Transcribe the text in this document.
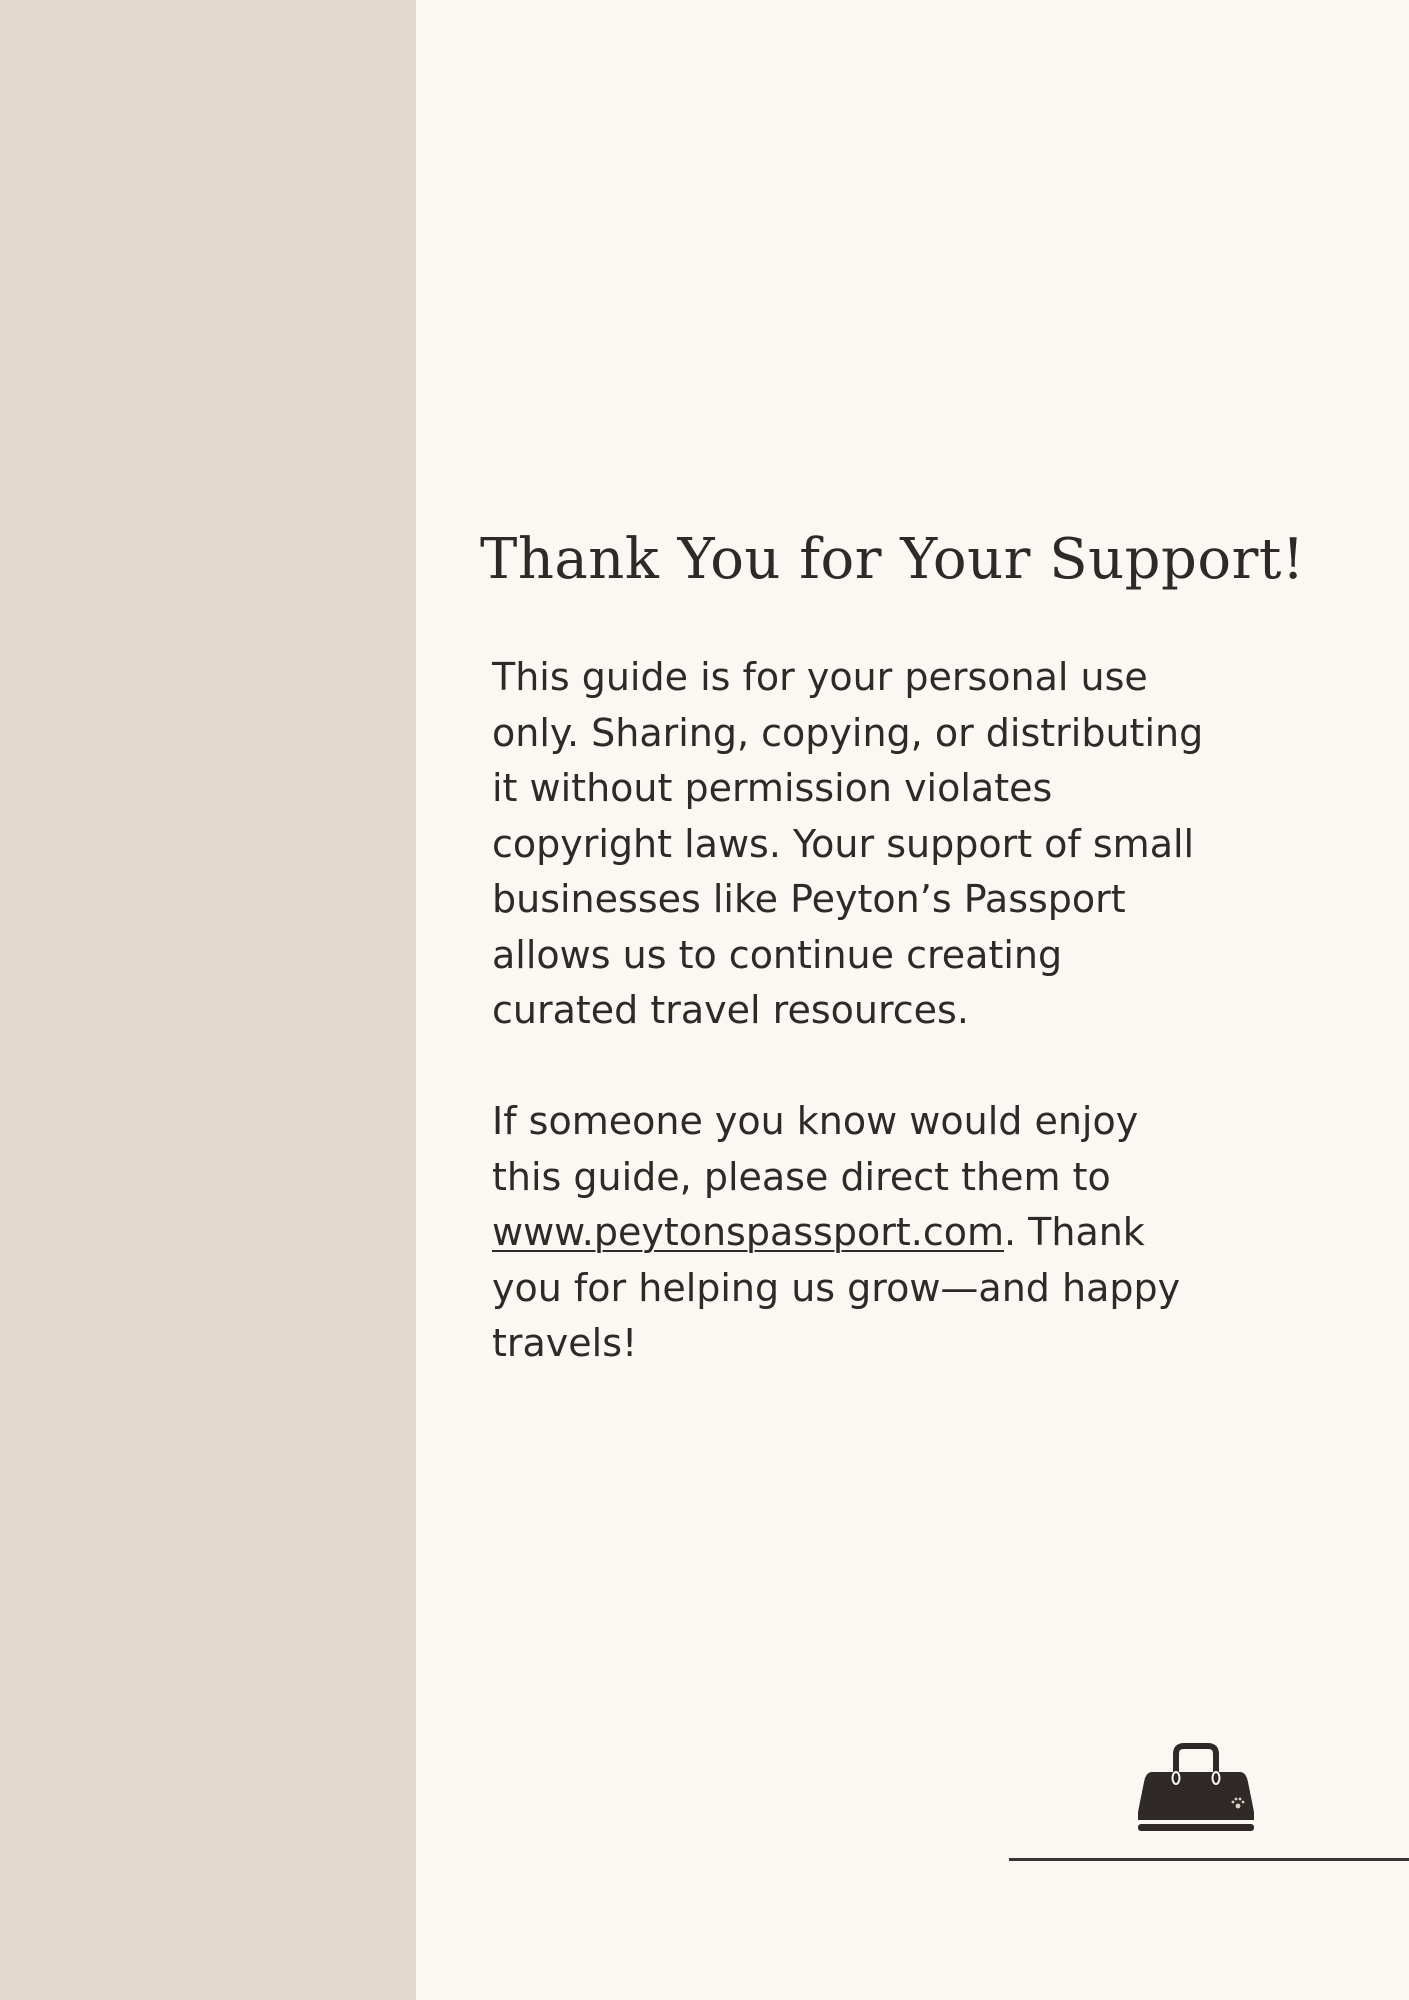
Thank You for Your Support!

This guide is for your personal use only. Sharing, copying, or distributing it without permission violates copyright laws. Your support of small businesses like Peyton’s Passport allows us to continue creating curated travel resources.

If someone you know would enjoy this guide, please direct them to www.peytonspassport.com. Thank you for helping us grow—and happy travels!
